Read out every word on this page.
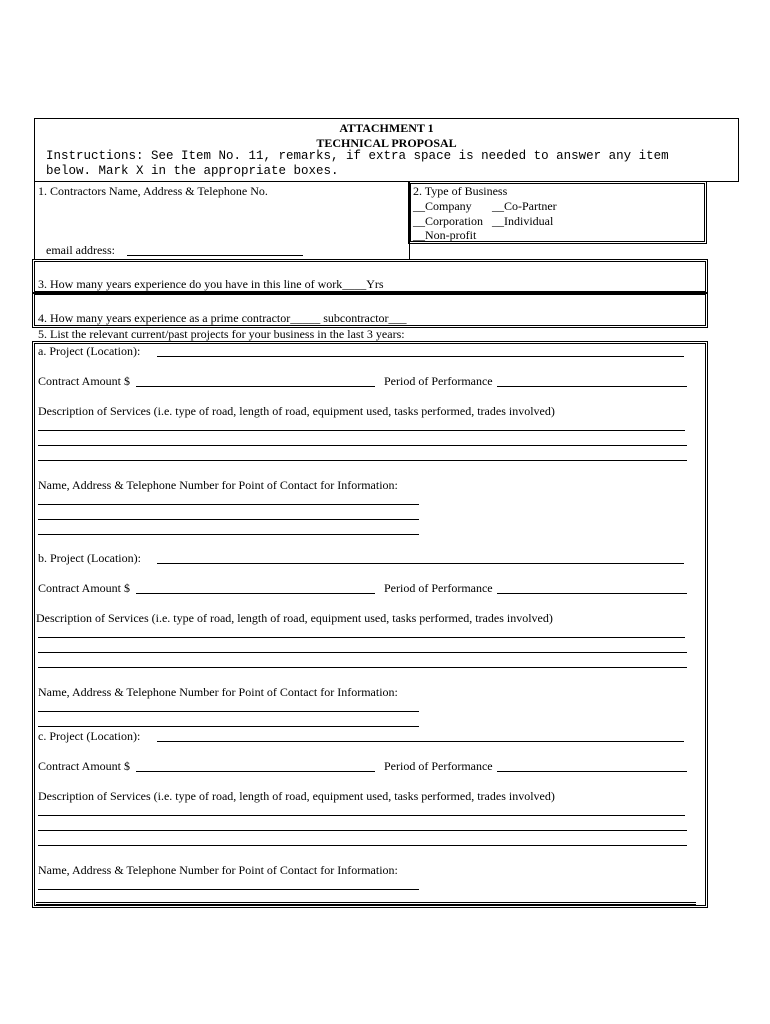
ATTACHMENT 1
TECHNICAL PROPOSAL
Instructions: See Item No. 11, remarks, if extra space is needed to answer any item
below. Mark X in the appropriate boxes.
1. Contractors Name, Address & Telephone No.
email address:
2. Type of Business
__Company __Co-Partner
__Corporation __Individual
__Non-profit
3. How many years experience do you have in this line of work____Yrs
4. How many years experience as a prime contractor_____ subcontractor___
5. List the relevant current/past projects for your business in the last 3 years:
a. Project (Location):
Contract Amount $	Period of Performance
Description of Services (i.e. type of road, length of road, equipment used, tasks performed, trades involved)
Name, Address & Telephone Number for Point of Contact for Information:
b. Project (Location):
Contract Amount $	Period of Performance
Description of Services (i.e. type of road, length of road, equipment used, tasks performed, trades involved)
Name, Address & Telephone Number for Point of Contact for Information:
c. Project (Location):
Contract Amount $	Period of Performance
Description of Services (i.e. type of road, length of road, equipment used, tasks performed, trades involved)
Name, Address & Telephone Number for Point of Contact for Information:
